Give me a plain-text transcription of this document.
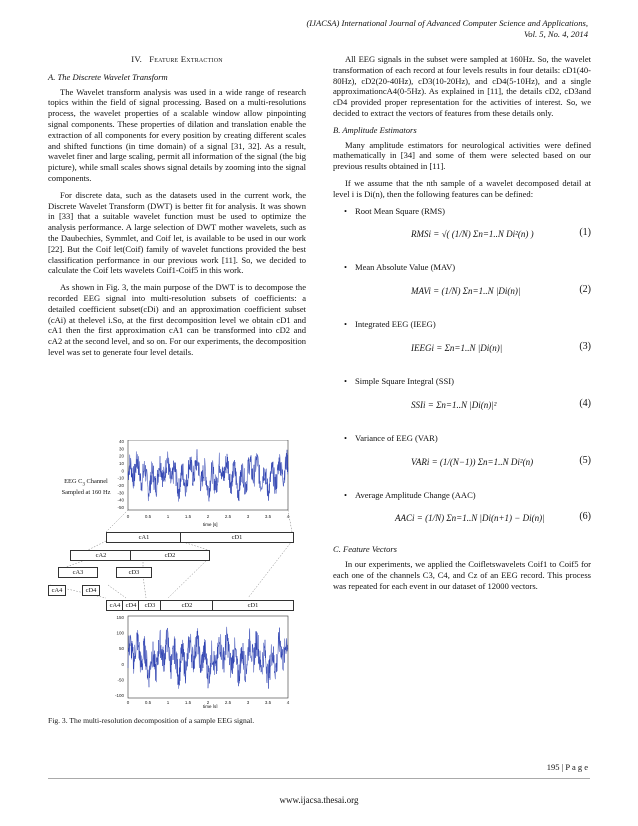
(IJACSA) International Journal of Advanced Computer Science and Applications,
Vol. 5, No. 4, 2014
IV. Feature Extraction
A. The Discrete Wavelet Transform

The Wavelet transform analysis was used in a wide range of research topics within the field of signal processing. Based on a multi-resolutions process, the wavelet properties of a scalable window allow pinpointing signal components. These properties of dilation and translation enable the extraction of all components for every position by creating different scales and shifted functions (in time domain) of a signal [31, 32]. As a result, wavelet finer and large scaling, permit all information of the signal (the big picture), while small scales shows signal details by zooming into the signal components.

For discrete data, such as the datasets used in the current work, the Discrete Wavelet Transform (DWT) is better fit for analysis. It was shown in [33] that a suitable wavelet function must be used to optimize the analysis performance. A large selection of DWT mother wavelets, such as the Daubechies, Symmlet, and Coif let, is available to be used in our work [22]. But the Coif let(Coif) family of wavelet functions provided the best classification performance in our previous work [11]. So, we decided to calculate the Coif lets wavelets Coif1-Coif5 in this work.

As shown in Fig. 3, the main purpose of the DWT is to decompose the recorded EEG signal into multi-resolution subsets of coefficients: a detailed coefficient subset(cDi) and an approximation coefficient subset (cAi) at thelevel i.So, at the first decomposition level we obtain cD1 and cA1 then the first approximation cA1 can be transformed into cD2 and cA2 at the second level, and so on. For our experiments, the decomposition level was set to generate four level details.

40
30
20
10
0
-10
-20
-30
-40
-50
0	0.5	1	1.5	2	2.5	3	3.5	4
time [s]
150
100
50
0
-50
-100
0	0.5	1	1.5	2	2.5	3	3.5	4
time [s]
EEG $C_3$ Channel
Sampled at 160 Hz
cA1	cD1
cA2	cD2
cA3	cD3
cA4	cD4
cA4 cD4	cD3	cD2	cD1
Fig. 3. The multi-resolution decomposition of a sample EEG signal.

All EEG signals in the subset were sampled at 160Hz. So, the wavelet transformation of each record at four levels results in four details: cD1(40-80Hz), cD2(20-40Hz), cD3(10-20Hz), and cD4(5-10Hz), and a single approximationcA4(0-5Hz). As explained in [11], the details cD2, cD3and cD4 provided proper representation for the activities of interest. So, we decided to extract the vectors of features from these details only.

B. Amplitude Estimators

Many amplitude estimators for neurological activities were defined mathematically in [34] and some of them were selected based on our previous results obtained in [11].

If we assume that the nth sample of a wavelet decomposed detail at level i is Di(n), then the following features can be defined:

• Root Mean Square (RMS)
RMSi = √( (1/N) Σn=1..N Di²(n) )	(1)
• Mean Absolute Value (MAV)
MAVi = (1/N) Σn=1..N |Di(n)|	(2)
• Integrated EEG (IEEG)
IEEGi = Σn=1..N |Di(n)|	(3)
• Simple Square Integral (SSI)
SSIi = Σn=1..N |Di(n)|²	(4)
• Variance of EEG (VAR)
VARi = (1/(N−1)) Σn=1..N Di²(n)	(5)
• Average Amplitude Change (AAC)
AACi = (1/N) Σn=1..N |Di(n+1) − Di(n)|	(6)
C. Feature Vectors

In our experiments, we applied the Coifletswavelets Coif1 to Coif5 for each one of the channels C3, C4, and Cz of an EEG record. This process was repeated for each event in our dataset of 12000 vectors.

195 | P a g e
www.ijacsa.thesai.org
